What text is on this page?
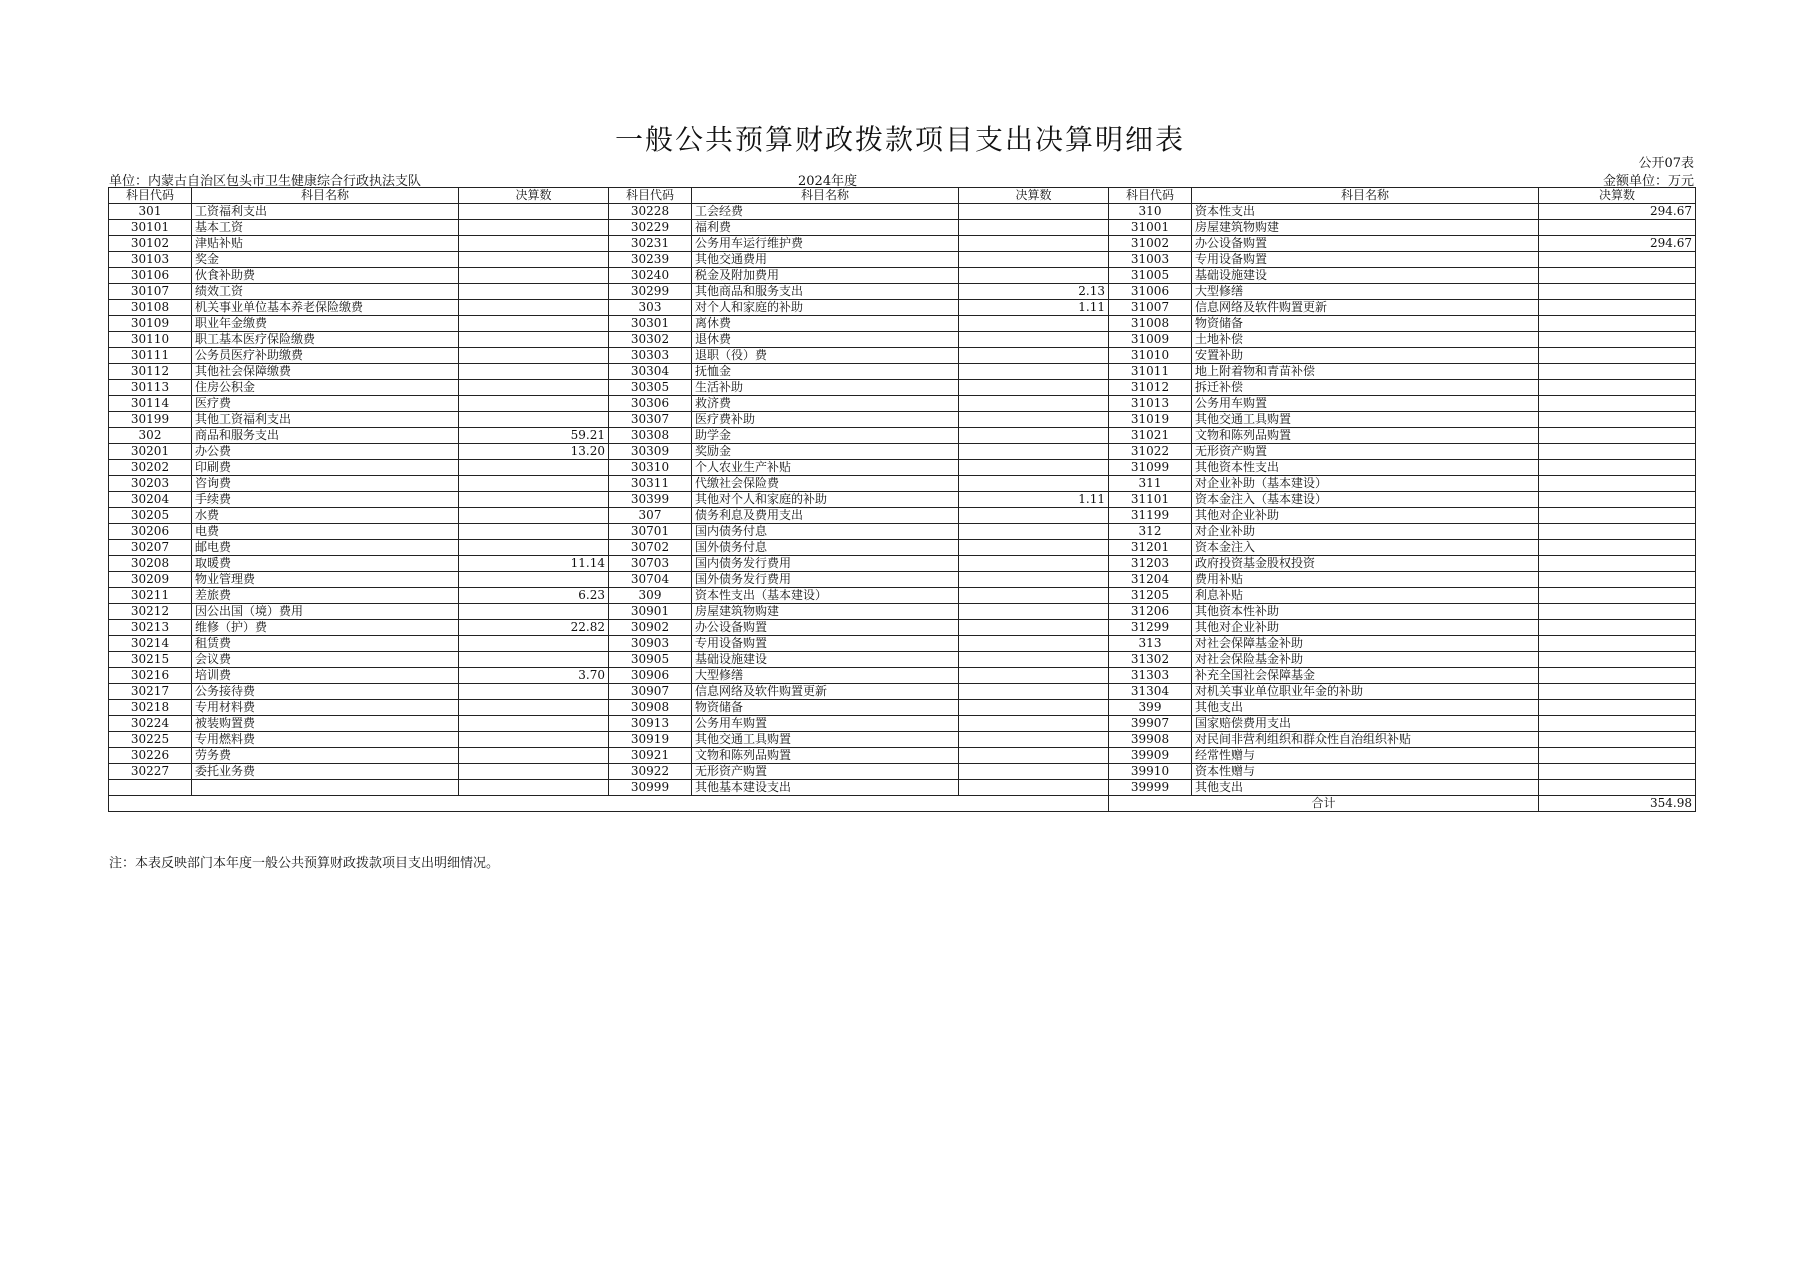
一般公共预算财政拨款项目支出决算明细表
公开07表
单位：内蒙古自治区包头市卫生健康综合行政执法支队	2024年度	金额单位：万元
科目代码	科目名称	决算数	科目代码	科目名称	决算数	科目代码	科目名称	决算数
301	工资福利支出		30228	工会经费		310	资本性支出	294.67
30101	基本工资		30229	福利费		31001	房屋建筑物购建	
30102	津贴补贴		30231	公务用车运行维护费		31002	办公设备购置	294.67
30103	奖金		30239	其他交通费用		31003	专用设备购置	
30106	伙食补助费		30240	税金及附加费用		31005	基础设施建设	
30107	绩效工资		30299	其他商品和服务支出	2.13	31006	大型修缮	
30108	机关事业单位基本养老保险缴费		303	对个人和家庭的补助	1.11	31007	信息网络及软件购置更新	
30109	职业年金缴费		30301	离休费		31008	物资储备	
30110	职工基本医疗保险缴费		30302	退休费		31009	土地补偿	
30111	公务员医疗补助缴费		30303	退职（役）费		31010	安置补助	
30112	其他社会保障缴费		30304	抚恤金		31011	地上附着物和青苗补偿	
30113	住房公积金		30305	生活补助		31012	拆迁补偿	
30114	医疗费		30306	救济费		31013	公务用车购置	
30199	其他工资福利支出		30307	医疗费补助		31019	其他交通工具购置	
302	商品和服务支出	59.21	30308	助学金		31021	文物和陈列品购置	
30201	办公费	13.20	30309	奖励金		31022	无形资产购置	
30202	印刷费		30310	个人农业生产补贴		31099	其他资本性支出	
30203	咨询费		30311	代缴社会保险费		311	对企业补助（基本建设）	
30204	手续费		30399	其他对个人和家庭的补助	1.11	31101	资本金注入（基本建设）	
30205	水费		307	债务利息及费用支出		31199	其他对企业补助	
30206	电费		30701	国内债务付息		312	对企业补助	
30207	邮电费		30702	国外债务付息		31201	资本金注入	
30208	取暖费	11.14	30703	国内债务发行费用		31203	政府投资基金股权投资	
30209	物业管理费		30704	国外债务发行费用		31204	费用补贴	
30211	差旅费	6.23	309	资本性支出（基本建设）		31205	利息补贴	
30212	因公出国（境）费用		30901	房屋建筑物购建		31206	其他资本性补助	
30213	维修（护）费	22.82	30902	办公设备购置		31299	其他对企业补助	
30214	租赁费		30903	专用设备购置		313	对社会保障基金补助	
30215	会议费		30905	基础设施建设		31302	对社会保险基金补助	
30216	培训费	3.70	30906	大型修缮		31303	补充全国社会保障基金	
30217	公务接待费		30907	信息网络及软件购置更新		31304	对机关事业单位职业年金的补助	
30218	专用材料费		30908	物资储备		399	其他支出	
30224	被装购置费		30913	公务用车购置		39907	国家赔偿费用支出	
30225	专用燃料费		30919	其他交通工具购置		39908	对民间非营利组织和群众性自治组织补贴	
30226	劳务费		30921	文物和陈列品购置		39909	经常性赠与	
30227	委托业务费		30922	无形资产购置		39910	资本性赠与	
			30999	其他基本建设支出		39999	其他支出	
						合计		354.98
注：本表反映部门本年度一般公共预算财政拨款项目支出明细情况。
